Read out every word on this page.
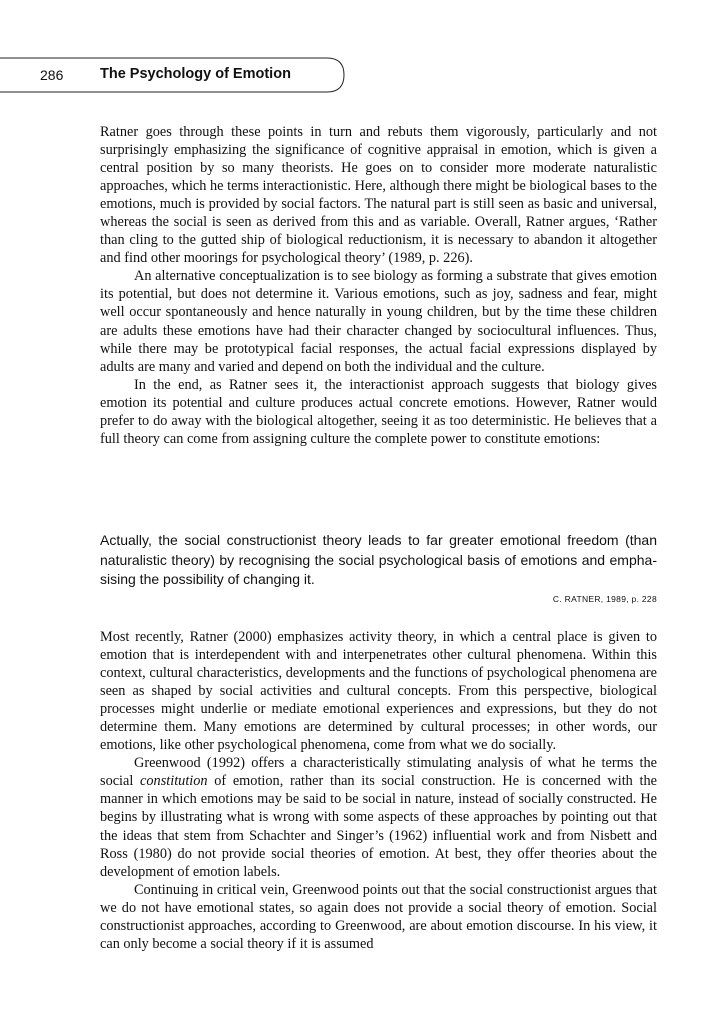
286	The Psychology of Emotion

Ratner goes through these points in turn and rebuts them vigorously, particularly and not surprisingly emphasizing the significance of cognitive appraisal in emotion, which is given a central position by so many theorists. He goes on to consider more moderate naturalistic approaches, which he terms interactionistic. Here, although there might be biological bases to the emotions, much is provided by social factors. The natural part is still seen as basic and universal, whereas the social is seen as derived from this and as variable. Overall, Ratner argues, ‘Rather than cling to the gutted ship of biological reductionism, it is necessary to abandon it altogether and find other moorings for psychological theory’ (1989, p. 226).

An alternative conceptualization is to see biology as forming a substrate that gives emotion its potential, but does not determine it. Various emotions, such as joy, sadness and fear, might well occur spontaneously and hence naturally in young children, but by the time these children are adults these emotions have had their character changed by sociocultural influences. Thus, while there may be prototypical facial responses, the actual facial expressions displayed by adults are many and varied and depend on both the individual and the culture.

In the end, as Ratner sees it, the interactionist approach suggests that biology gives emotion its potential and culture produces actual concrete emotions. However, Ratner would prefer to do away with the biological altogether, seeing it as too deterministic. He believes that a full theory can come from assigning culture the complete power to constitute emotions:

Actually, the social constructionist theory leads to far greater emotional freedom (than naturalistic theory) by recognising the social psychological basis of emotions and emphasising the possibility of changing it.
C. RATNER, 1989, p. 228

Most recently, Ratner (2000) emphasizes activity theory, in which a central place is given to emotion that is interdependent with and interpenetrates other cultural phenomena. Within this context, cultural characteristics, developments and the functions of psychological phenomena are seen as shaped by social activities and cultural concepts. From this perspective, biological processes might underlie or mediate emotional experiences and expressions, but they do not determine them. Many emotions are determined by cultural processes; in other words, our emotions, like other psychological phenomena, come from what we do socially.

Greenwood (1992) offers a characteristically stimulating analysis of what he terms the social constitution of emotion, rather than its social construction. He is concerned with the manner in which emotions may be said to be social in nature, instead of socially constructed. He begins by illustrating what is wrong with some aspects of these approaches by pointing out that the ideas that stem from Schachter and Singer’s (1962) influential work and from Nisbett and Ross (1980) do not provide social theories of emotion. At best, they offer theories about the development of emotion labels.

Continuing in critical vein, Greenwood points out that the social constructionist argues that we do not have emotional states, so again does not provide a social theory of emotion. Social constructionist approaches, according to Greenwood, are about emotion discourse. In his view, it can only become a social theory if it is assumed
